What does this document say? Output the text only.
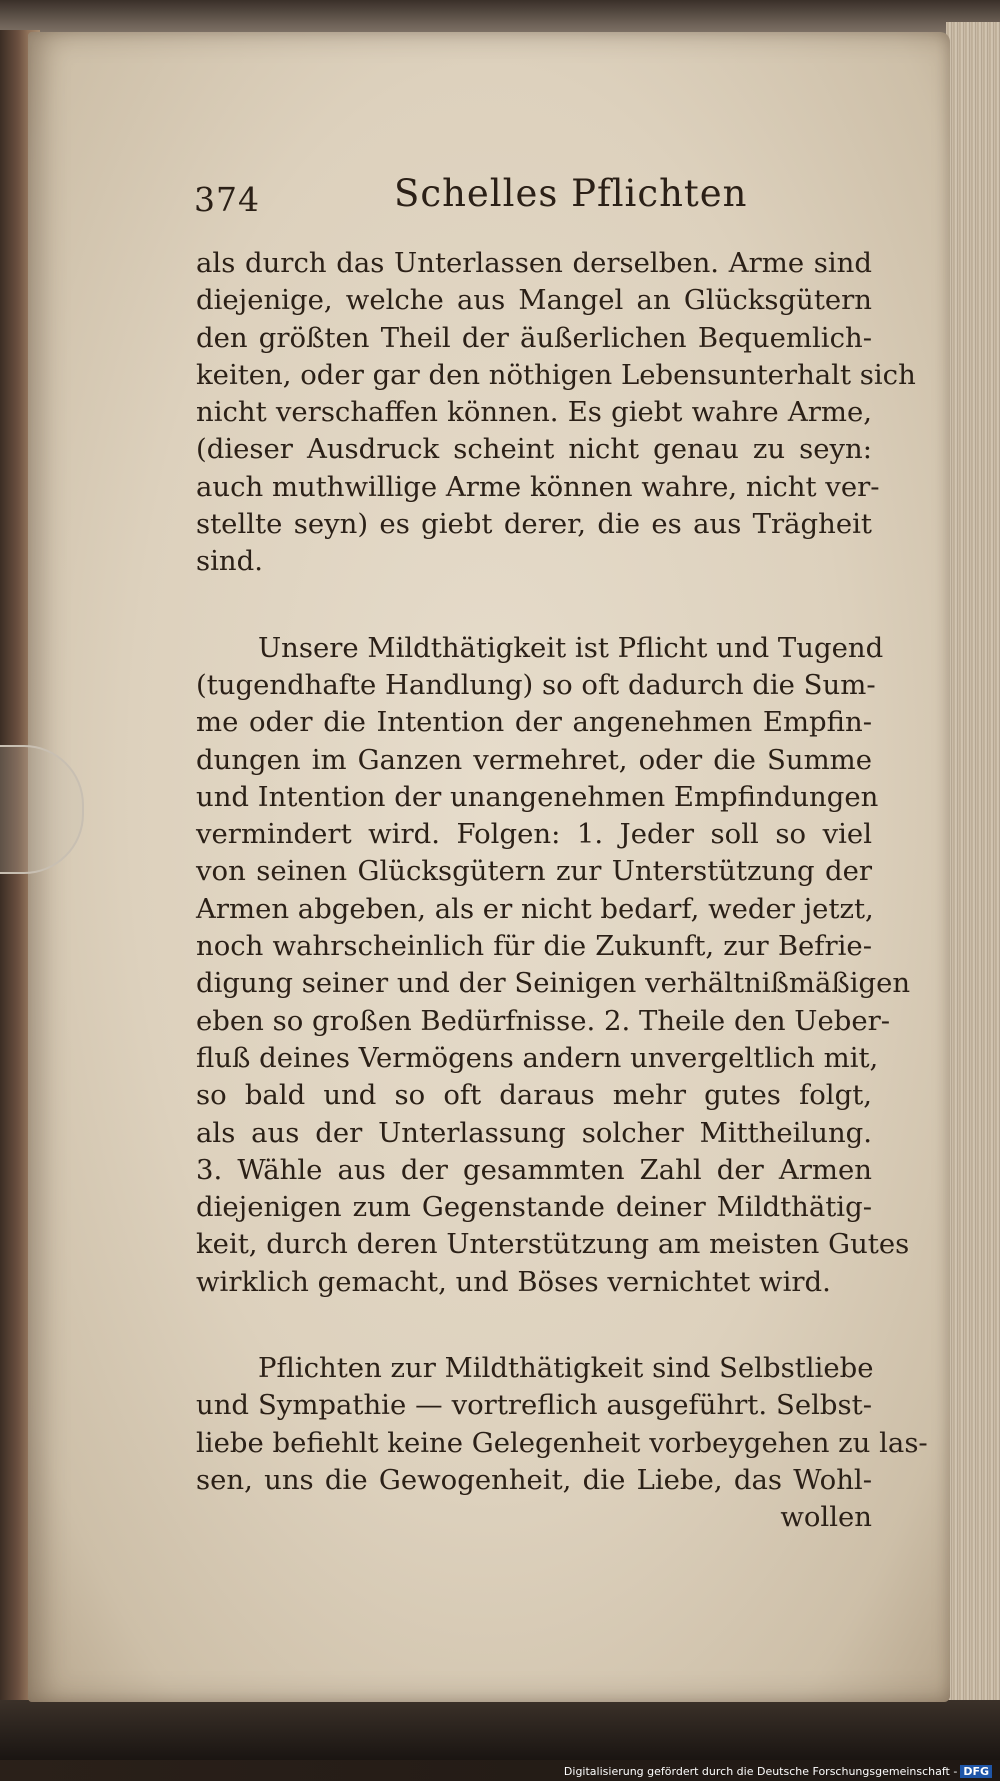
374	Schelles Pflichten
als durch das Unterlassen derselben. Arme sind
diejenige, welche aus Mangel an Glücksgütern
den größten Theil der äußerlichen Bequemlich-
keiten, oder gar den nöthigen Lebensunterhalt sich
nicht verschaffen können. Es giebt wahre Arme,
(dieser Ausdruck scheint nicht genau zu seyn:
auch muthwillige Arme können wahre, nicht ver-
stellte seyn) es giebt derer, die es aus Trägheit
sind.
Unsere Mildthätigkeit ist Pflicht und Tugend
(tugendhafte Handlung) so oft dadurch die Sum-
me oder die Intention der angenehmen Empfin-
dungen im Ganzen vermehret, oder die Summe
und Intention der unangenehmen Empfindungen
vermindert wird. Folgen: 1. Jeder soll so viel
von seinen Glücksgütern zur Unterstützung der
Armen abgeben, als er nicht bedarf, weder jetzt,
noch wahrscheinlich für die Zukunft, zur Befrie-
digung seiner und der Seinigen verhältnißmäßigen
eben so großen Bedürfnisse. 2. Theile den Ueber-
fluß deines Vermögens andern unvergeltlich mit,
so bald und so oft daraus mehr gutes folgt,
als aus der Unterlassung solcher Mittheilung.
3. Wähle aus der gesammten Zahl der Armen
diejenigen zum Gegenstande deiner Mildthätig-
keit, durch deren Unterstützung am meisten Gutes
wirklich gemacht, und Böses vernichtet wird.
Pflichten zur Mildthätigkeit sind Selbstliebe
und Sympathie — vortreflich ausgeführt. Selbst-
liebe befiehlt keine Gelegenheit vorbeygehen zu las-
sen, uns die Gewogenheit, die Liebe, das Wohl-
wollen
Digitalisierung gefördert durch die Deutsche Forschungsgemeinschaft - DFG
